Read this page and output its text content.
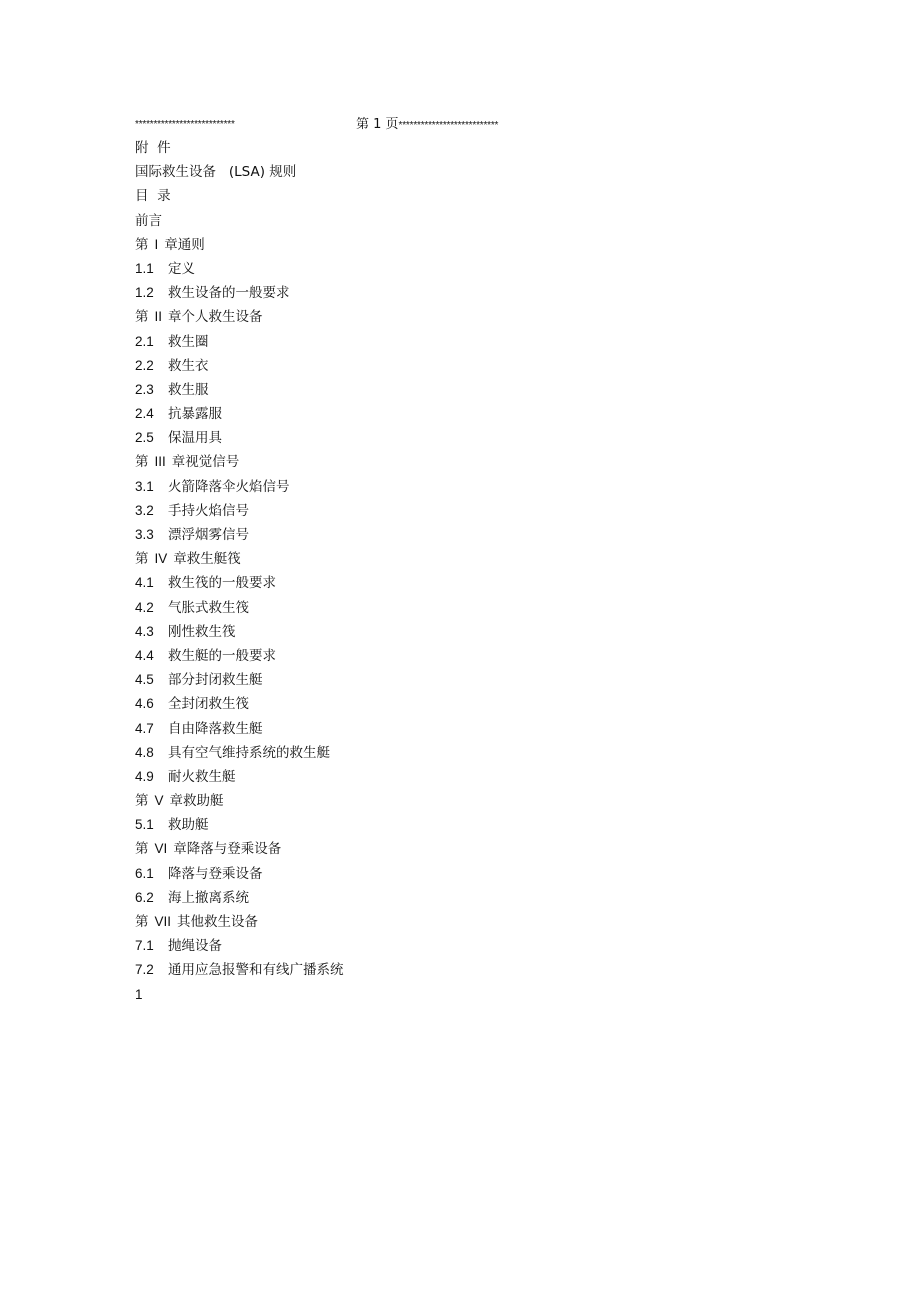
***************************	第 1 页***************************
附  件
国际救生设备   (LSA) 规则
目  录
前言
第 I 章通则
1.1 定义
1.2 救生设备的一般要求
第 II 章个人救生设备
2.1 救生圈
2.2 救生衣
2.3 救生服
2.4 抗暴露服
2.5 保温用具
第 III 章视觉信号
3.1 火箭降落伞火焰信号
3.2 手持火焰信号
3.3 漂浮烟雾信号
第 IV 章救生艇筏
4.1 救生筏的一般要求
4.2 气胀式救生筏
4.3 刚性救生筏
4.4 救生艇的一般要求
4.5 部分封闭救生艇
4.6 全封闭救生筏
4.7 自由降落救生艇
4.8 具有空气维持系统的救生艇
4.9 耐火救生艇
第 V 章救助艇
5.1 救助艇
第 VI 章降落与登乘设备
6.1 降落与登乘设备
6.2 海上撤离系统
第 VII 其他救生设备
7.1 抛绳设备
7.2 通用应急报警和有线广播系统
1
